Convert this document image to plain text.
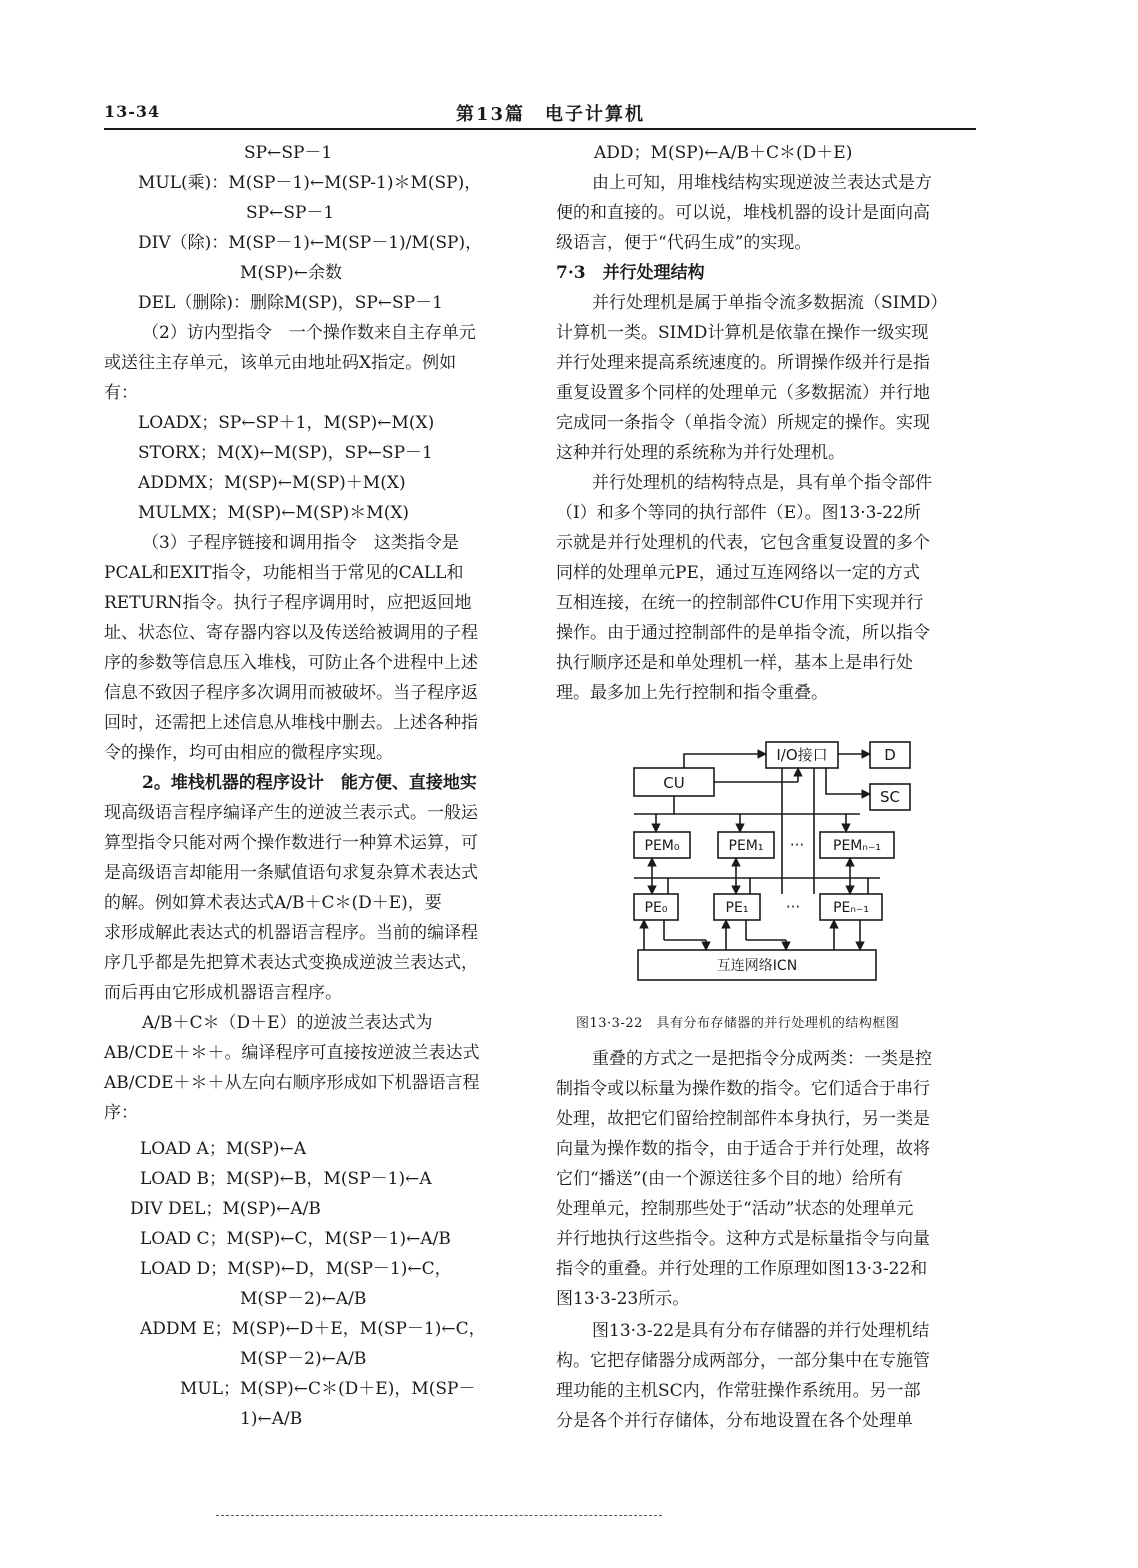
13-34	第13篇　电子计算机
SP←SP－1
MUL(乘)：M(SP－1)←M(SP-1)＊M(SP)，
SP←SP－1
DIV（除)：M(SP－1)←M(SP－1)/M(SP)，
M(SP)←余数
DEL（删除)：删除M(SP)，SP←SP－1
（2）访内型指令　一个操作数来自主存单元
或送往主存单元，该单元由地址码X指定。例如
有：
LOADX；SP←SP＋1，M(SP)←M(X)
STORX；M(X)←M(SP)，SP←SP－1
ADDMX；M(SP)←M(SP)＋M(X)
MULMX；M(SP)←M(SP)＊M(X)
（3）子程序链接和调用指令　这类指令是
PCAL和EXIT指令，功能相当于常见的CALL和
RETURN指令。执行子程序调用时，应把返回地
址、状态位、寄存器内容以及传送给被调用的子程
序的参数等信息压入堆栈，可防止各个进程中上述
信息不致因子程序多次调用而被破坏。当子程序返
回时，还需把上述信息从堆栈中删去。上述各种指
令的操作，均可由相应的微程序实现。
2。堆栈机器的程序设计　能方便、直接地实
现高级语言程序编译产生的逆波兰表示式。一般运
算型指令只能对两个操作数进行一种算术运算，可
是高级语言却能用一条赋值语句求复杂算术表达式
的解。例如算术表达式A/B＋C＊(D＋E)，要
求形成解此表达式的机器语言程序。当前的编译程
序几乎都是先把算术表达式变换成逆波兰表达式，
而后再由它形成机器语言程序。
A/B＋C＊（D＋E）的逆波兰表达式为
AB/CDE＋＊＋。编译程序可直接按逆波兰表达式
AB/CDE＋＊＋从左向右顺序形成如下机器语言程
序：
LOAD A；M(SP)←A
LOAD B；M(SP)←B，M(SP－1)←A
DIV DEL；M(SP)←A/B
LOAD C；M(SP)←C，M(SP－1)←A/B
LOAD D；M(SP)←D，M(SP－1)←C，
M(SP－2)←A/B
ADDM E；M(SP)←D＋E，M(SP－1)←C，
M(SP－2)←A/B
MUL；M(SP)←C＊(D＋E)，M(SP－
1)←A/B
ADD；M(SP)←A/B＋C＊(D＋E)
由上可知，用堆栈结构实现逆波兰表达式是方
便的和直接的。可以说，堆栈机器的设计是面向高
级语言，便于“代码生成”的实现。
7·3　并行处理结构
并行处理机是属于单指令流多数据流（SIMD）
计算机一类。SIMD计算机是依靠在操作一级实现
并行处理来提高系统速度的。所谓操作级并行是指
重复设置多个同样的处理单元（多数据流）并行地
完成同一条指令（单指令流）所规定的操作。实现
这种并行处理的系统称为并行处理机。
并行处理机的结构特点是，具有单个指令部件
（I）和多个等同的执行部件（E）。图13·3-22所
示就是并行处理机的代表，它包含重复设置的多个
同样的处理单元PE，通过互连网络以一定的方式
互相连接，在统一的控制部件CU作用下实现并行
操作。由于通过控制部件的是单指令流，所以指令
执行顺序还是和单处理机一样，基本上是串行处
理。最多加上先行控制和指令重叠。
I/O接口	D
SC
CU
PEM₀	PEM₁ ··· PEMₙ₋₁
PE₀	PE₁ ··· PEₙ₋₁
互连网络ICN
图13·3-22　具有分布存储器的并行处理机的结构框图
重叠的方式之一是把指令分成两类：一类是控
制指令或以标量为操作数的指令。它们适合于串行
处理，故把它们留给控制部件本身执行，另一类是
向量为操作数的指令，由于适合于并行处理，故将
它们“播送”(由一个源送往多个目的地）给所有
处理单元，控制那些处于“活动”状态的处理单元
并行地执行这些指令。这种方式是标量指令与向量
指令的重叠。并行处理的工作原理如图13·3-22和
图13·3-23所示。
图13·3-22是具有分布存储器的并行处理机结
构。它把存储器分成两部分，一部分集中在专施管
理功能的主机SC内，作常驻操作系统用。另一部
分是各个并行存储体，分布地设置在各个处理单
